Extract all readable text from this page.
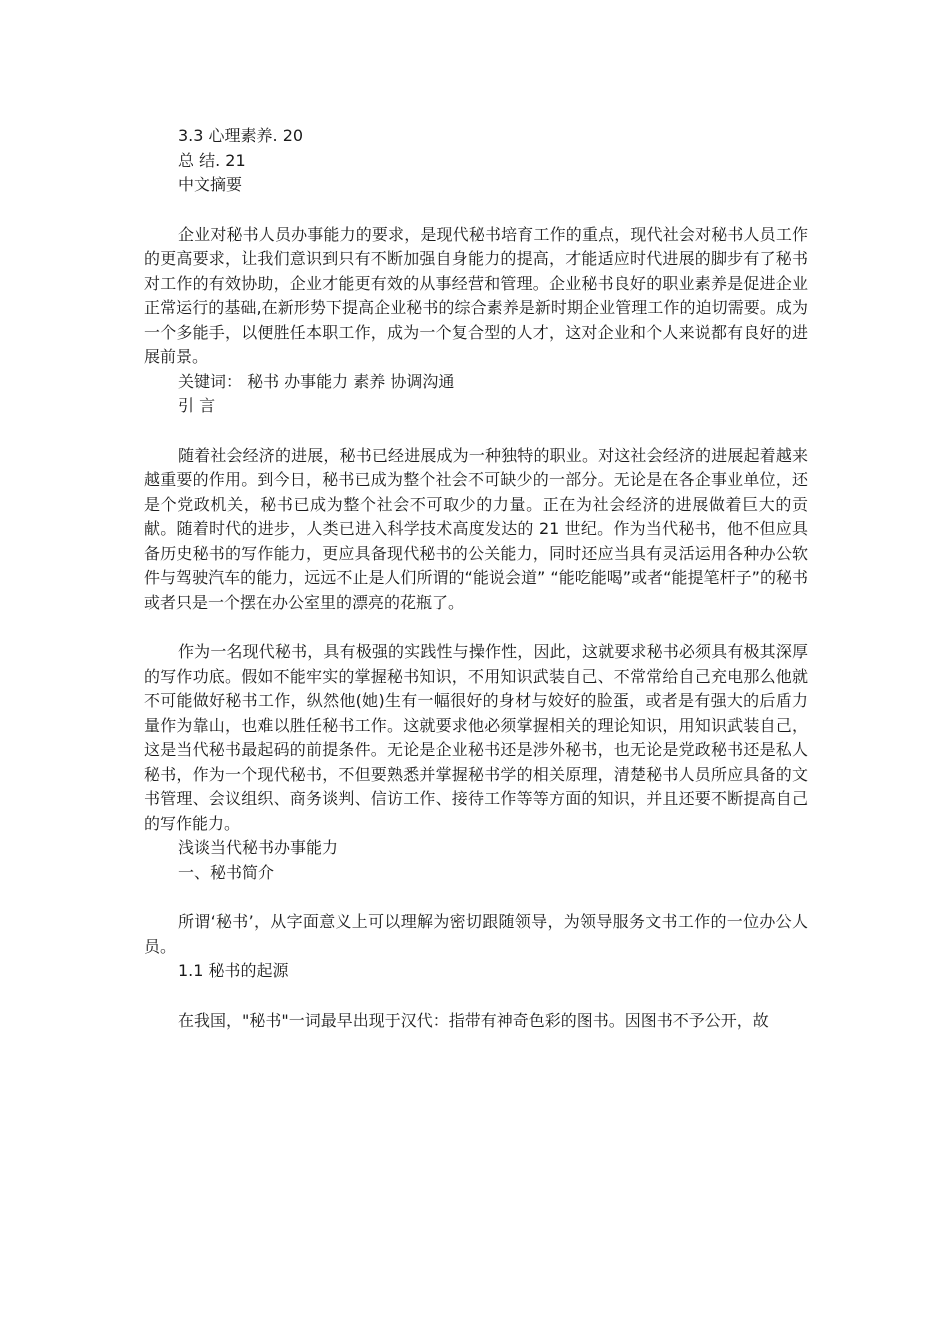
3.3 心理素养. 20

总 结. 21

中文摘要

企业对秘书人员办事能力的要求，是现代秘书培育工作的重点，现代社会对秘书人员工作的更高要求，让我们意识到只有不断加强自身能力的提高，才能适应时代进展的脚步有了秘书对工作的有效协助，企业才能更有效的从事经营和管理。企业秘书良好的职业素养是促进企业正常运行的基础,在新形势下提高企业秘书的综合素养是新时期企业管理工作的迫切需要。成为一个多能手，以便胜任本职工作，成为一个复合型的人才，这对企业和个人来说都有良好的进展前景。

关键词： 秘书 办事能力 素养 协调沟通

引 言

随着社会经济的进展，秘书已经进展成为一种独特的职业。对这社会经济的进展起着越来越重要的作用。到今日，秘书已成为整个社会不可缺少的一部分。无论是在各企事业单位，还是个党政机关，秘书已成为整个社会不可取少的力量。正在为社会经济的进展做着巨大的贡献。随着时代的进步，人类已进入科学技术高度发达的 21 世纪。作为当代秘书，他不但应具备历史秘书的写作能力，更应具备现代秘书的公关能力，同时还应当具有灵活运用各种办公软件与驾驶汽车的能力，远远不止是人们所谓的“能说会道” “能吃能喝”或者“能提笔杆子”的秘书或者只是一个摆在办公室里的漂亮的花瓶了。

作为一名现代秘书，具有极强的实践性与操作性，因此，这就要求秘书必须具有极其深厚的写作功底。假如不能牢实的掌握秘书知识，不用知识武装自己、不常常给自己充电那么他就不可能做好秘书工作，纵然他(她)生有一幅很好的身材与姣好的脸蛋，或者是有强大的后盾力量作为靠山，也难以胜任秘书工作。这就要求他必须掌握相关的理论知识，用知识武装自己，这是当代秘书最起码的前提条件。无论是企业秘书还是涉外秘书，也无论是党政秘书还是私人秘书，作为一个现代秘书，不但要熟悉并掌握秘书学的相关原理，清楚秘书人员所应具备的文书管理、会议组织、商务谈判、信访工作、接待工作等等方面的知识，并且还要不断提高自己的写作能力。

浅谈当代秘书办事能力

一、秘书简介

所谓‘秘书’，从字面意义上可以理解为密切跟随领导，为领导服务文书工作的一位办公人员。

1.1 秘书的起源

在我国，"秘书"一词最早出现于汉代：指带有神奇色彩的图书。因图书不予公开，故
